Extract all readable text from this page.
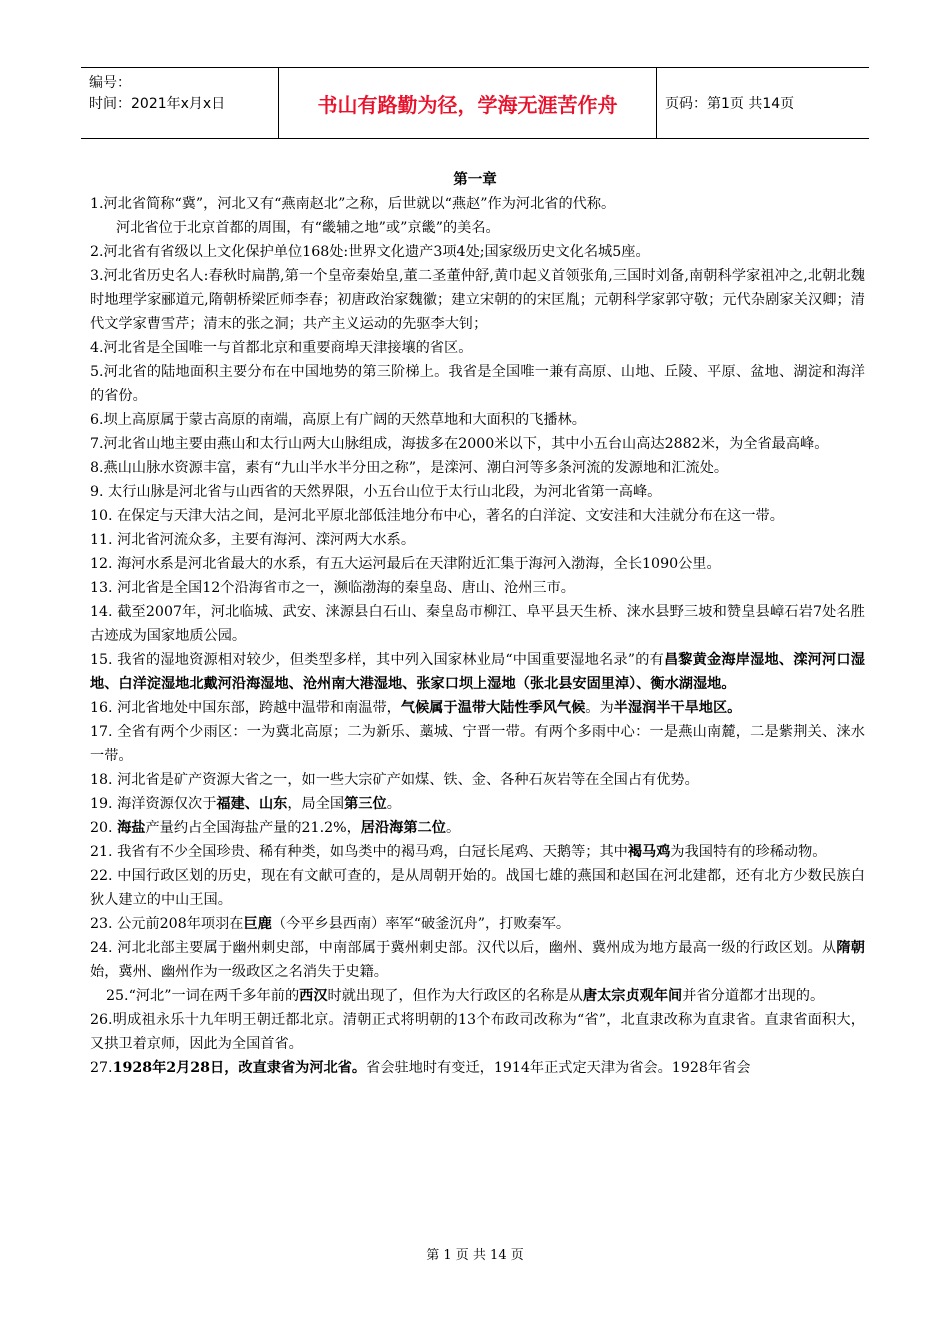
编号：
时间：2021年x月x日	书山有路勤为径，学海无涯苦作舟	页码：第1页 共14页
第一章

1.河北省简称“冀”，河北又有“燕南赵北”之称，后世就以“燕赵”作为河北省的代称。

河北省位于北京首都的周围，有“畿辅之地”或”京畿”的美名。

2.河北省有省级以上文化保护单位168处:世界文化遗产3项4处;国家级历史文化名城5座。

3.河北省历史名人:春秋时扁鹊,第一个皇帝秦始皇,董二圣董仲舒,黄巾起义首领张角,三国时刘备,南朝科学家祖冲之,北朝北魏时地理学家郦道元,隋朝桥梁匠师李春；初唐政治家魏徽；建立宋朝的的宋匡胤；元朝科学家郭守敬；元代杂剧家关汉卿；清代文学家曹雪芹；清末的张之洞；共产主义运动的先驱李大钊；

4.河北省是全国唯一与首都北京和重要商埠天津接壤的省区。

5.河北省的陆地面积主要分布在中国地势的第三阶梯上。我省是全国唯一兼有高原、山地、丘陵、平原、盆地、湖淀和海洋的省份。

6.坝上高原属于蒙古高原的南端，高原上有广阔的天然草地和大面积的飞播林。

7.河北省山地主要由燕山和太行山两大山脉组成，海拔多在2000米以下，其中小五台山高达2882米，为全省最高峰。

8.燕山山脉水资源丰富，素有“九山半水半分田之称”，是滦河、潮白河等多条河流的发源地和汇流处。

9. 太行山脉是河北省与山西省的天然界限，小五台山位于太行山北段，为河北省第一高峰。

10. 在保定与天津大沽之间，是河北平原北部低洼地分布中心，著名的白洋淀、文安洼和大洼就分布在这一带。

11. 河北省河流众多，主要有海河、滦河两大水系。

12. 海河水系是河北省最大的水系，有五大运河最后在天津附近汇集于海河入渤海，全长1090公里。

13. 河北省是全国12个沿海省市之一，濒临渤海的秦皇岛、唐山、沧州三市。

14. 截至2007年，河北临城、武安、涞源县白石山、秦皇岛市柳江、阜平县天生桥、涞水县野三坡和赞皇县嶂石岩7处名胜古迹成为国家地质公园。

15. 我省的湿地资源相对较少，但类型多样，其中列入国家林业局“中国重要湿地名录”的有昌黎黄金海岸湿地、滦河河口湿地、白洋淀湿地北戴河沿海湿地、沧州南大港湿地、张家口坝上湿地（张北县安固里淖）、衡水湖湿地。

16. 河北省地处中国东部，跨越中温带和南温带，气候属于温带大陆性季风气候。为半湿润半干旱地区。

17. 全省有两个少雨区：一为冀北高原；二为新乐、藁城、宁晋一带。有两个多雨中心：一是燕山南麓，二是紫荆关、涞水一带。

18. 河北省是矿产资源大省之一，如一些大宗矿产如煤、铁、金、各种石灰岩等在全国占有优势。

19. 海洋资源仅次于福建、山东，局全国第三位。

20. 海盐产量约占全国海盐产量的21.2%，居沿海第二位。

21. 我省有不少全国珍贵、稀有种类，如鸟类中的褐马鸡，白冠长尾鸡、天鹅等；其中褐马鸡为我国特有的珍稀动物。

22. 中国行政区划的历史，现在有文献可查的，是从周朝开始的。战国七雄的燕国和赵国在河北建都，还有北方少数民族白狄人建立的中山王国。

23. 公元前208年项羽在巨鹿（今平乡县西南）率军“破釜沉舟”，打败秦军。

24. 河北北部主要属于幽州刺史部，中南部属于冀州刺史部。汉代以后，幽州、冀州成为地方最高一级的行政区划。从隋朝始，冀州、幽州作为一级政区之名消失于史籍。

25.“河北”一词在两千多年前的西汉时就出现了，但作为大行政区的名称是从唐太宗贞观年间并省分道都才出现的。

26.明成祖永乐十九年明王朝迁都北京。清朝正式将明朝的13个布政司改称为“省”，北直隶改称为直隶省。直隶省面积大，又拱卫着京师，因此为全国首省。

27.1928年2月28日，改直隶省为河北省。省会驻地时有变迁，1914年正式定天津为省会。1928年省会

第 1 页 共 14 页
